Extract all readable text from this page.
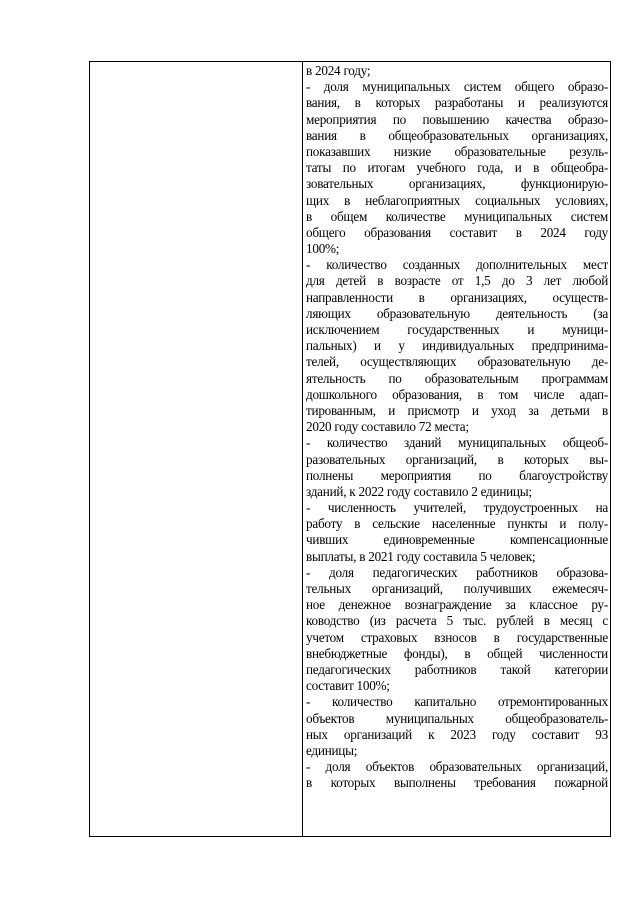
в 2024 году;
- доля муниципальных систем общего образо-
вания, в которых разработаны и реализуются
мероприятия по повышению качества образо-
вания в общеобразовательных организациях,
показавших низкие образовательные резуль-
таты по итогам учебного года, и в общеобра-
зовательных организациях, функционирую-
щих в неблагоприятных социальных условиях,
в общем количестве муниципальных систем
общего образования составит в 2024 году
100%;
- количество созданных дополнительных мест
для детей в возрасте от 1,5 до 3 лет любой
направленности в организациях, осуществ-
ляющих образовательную деятельность (за
исключением государственных и муници-
пальных) и у индивидуальных предпринима-
телей, осуществляющих образовательную де-
ятельность по образовательным программам
дошкольного образования, в том числе адап-
тированным, и присмотр и уход за детьми в
2020 году составило 72 места;
- количество зданий муниципальных общеоб-
разовательных организаций, в которых вы-
полнены мероприятия по благоустройству
зданий, к 2022 году составило 2 единицы;
- численность учителей, трудоустроенных на
работу в сельские населенные пункты и полу-
чивших единовременные компенсационные
выплаты, в 2021 году составила 5 человек;
- доля педагогических работников образова-
тельных организаций, получивших ежемесяч-
ное денежное вознаграждение за классное ру-
ководство (из расчета 5 тыс. рублей в месяц с
учетом страховых взносов в государственные
внебюджетные фонды), в общей численности
педагогических работников такой категории
составит 100%;
- количество капитально отремонтированных
объектов муниципальных общеобразователь-
ных организаций к 2023 году составит 93
единицы;
- доля объектов образовательных организаций,
в которых выполнены требования пожарной
